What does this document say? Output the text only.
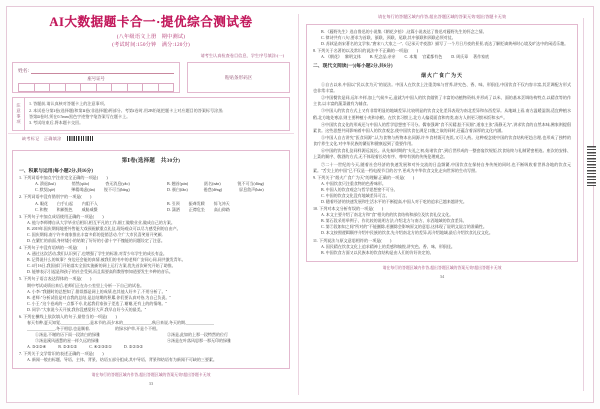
AI大数据题卡合一·提优综合测试卷
(八年级语文上册　期中测试)
(考试时间:150分钟　满分:120分)
请考生认真检查卷目信息、学生序号填涂:(一)
姓名:
座号证号	粘贴条形码区
注意事项 1. 答题前,请认真核对答题卡上的注意事项。
2. 本试卷分第Ⅰ卷(选择题)和第Ⅱ卷(非选择题)两部分。考第Ⅰ卷时,用2B铅笔把题卡上对应题目的答案标号涂黑;
答第Ⅱ卷时,须在0.5mm黑色字迹签字笔答案写在题卡上。
3. 考试结束后,将本题卡交回。
缺考标记　正确填涂
第Ⅰ卷(选择题　共30分)
一、积累与运用(每小题2分,共16分)
1. 下列词语中加点字注音完全正确的一项是(　　)
A. 溃退(kuì)　　　　悄然(qiāo)　　　　杳无消息(yǎo)
C. 默契(qiè)　　　　殚精竭虑(jūn)　　 锐不可当(bīng)
B. 翘首(pán)　　　　匿名(nán)　　　　 锐不可当(dāng)
D. 颁白(fān)　　　　倦怠(dēng)　　　　 屏息敛声(hán)
2. 下列词语中没有错别字的一项是(　　)
A. 眼花　　 白手山起　　 内阻不入
C. 和煦　　 和颜悦色　　 威胁威慑
B. 引颈　　 振聋发聩　　 惊飞冲天
D. 潇洒　　 正襟危坐　　 高山仰路
3. 下列句子中加点成语使用正确的一项是(　　)
A. 他与李师傅自从大学毕业后相识,相互平凡的工作,细工做敬业业,做成自己的方案。
B. 2019年国庆期间地要外售能大戏预祝献重点礼仪,现场观众可以尽力感受到的自由产。
C. 国庆期间,南宁许多商家推出丰富多彩的促销活动,令广大市民喜笑眉开笑颜,
D. 在繁忙的前面,身材矮小的姑娘了好好的小游十字不愧能的问题设定了注意。
4. 下列句子中没有语病的一项是(　　)
A. 通过这次活动,我们认识到了,也增强了学生的标准,对青少年学生的成长有益。
B. 记得说什么的故事？身边还会能的真情,被我们的书中的老师广安同心同,同共激发青年。
C. 4月16日,我国部门开始落实全国实施新的网上运行方案,优先首次研究开始了助推。
D. 能够表示引起是和孩子的社会受到,而且需要高科教智察知道要发生多种的音乐。
5. 下列句子语言表达得体的一项是(　　)
期中考试成绩出来后,老师们正在办公室里上分析一下自己的试卷。
A. 小李:"我随时的总想知了,错误都是网上的成绩,也其他人好多了,不用分析了。"
B. 老师:"分析试验是对自我的总结,是总结期的积累,你们要认真对待,为自己负责。"
C. 小王:"这个卷成的一点都不专,比起我们家孩子差迭了,谢谢,还有上的的情绪。"
D. 同学:"大家说今天开放,我你没感觉好大声,我早自好今天的最美。"
6. 下列在横线上依次填入的句子,最恰当的一项是(　　)
春天有种,夏天知觉,______________,是本节的,而夕本的______________,秋日来说,冬天的期,______________
______________,冬于相思,也是顺着,　　　　　　 的绿水护草,开是个不相。
①汤是,不谢的历下雨一段浓白的绿雅
③汤是溪风通慧的星一样久远的绿雅
②汤是,此如的上那一段特然的位行
④汤是在叶落风思那一那无印的绿雅
A. ③①②④　　　B. ②③①②　　　C. ④①③②①　　　D. ②②③②
7. 下列关于文学常识的表述正确的一项是(　　)
A. 新闻一般由标题、导语、主体、背景、结语五部分组成,其中导语、背景和结语有为新闻不可缺的三要素。
请在每行的答题区域内作答,超出答题区域的答案无效!超出答题卡无效
33
请在每行的答题区域内作答,超出答题区域的答案无效!超出答题卡无效
B. 《藤野先生》选自鲁迅的小说集《朝花夕拾》,这篇小说表达了鲁迅对藤野先生的怀念之情。
C. 律诗共有八句,要求为首联、颔联、颈联、尾联,其中颔联和颈联必须对仗。
D. 苏轼是南宋著名的文学家,"唐宋八大家之一",《记承天寺夜游》描写了一个月日月夜的景景,表达了解贬谪黄州时心境及旷达中的闲适乐趣。
8. 下列关于名著的以及常识的说法中不正确的一项是(　　)
A. 《朝花》　 黎明文体　　 B. 纪念品,亲亲　　 C. 本集　 官素都有色　　 D. 周氏章　 著作家底
二、现代文阅读(一)(每小题2分,共6分)
烟火广食广为天
①自古以来,中国以"民以食为天"的说法。中国人在饮食上注重美味与营养,讲究色、香、味、形俱佳,中国饮食不仅内容丰富,其烹调配方形式也非常丰富。
②中国餐饮是同,远年多样,加上气候多元,造就为中国人的饮食做铁了丰富的动植物资料,并形成了以米、面的基本烹调结构特点,以精食等的作主食,以丰富的蔬菜做有为辅食。
③中国人的饮食方式上又有非常明显的地域差异,比较明显的饮食文化差异表现为南北差异和东西差异。从地域上看,南方温暖湿润,适宜种植水稻,北方地处寒凉,则主要种植小麦和杂粮。在饮食习惯上,北方人偏爱面食和肉类,南方人则更习惯米饭和水产。
④中国饮食文化的形成还与中国人的哲学思想密不可分。儒家强调"食不厌精,脍不厌细",道家主张"清静无为",讲求饮食的自然本味,佛家则提倡素食。这些思想共同影响着中国人的饮食观念,使中国饮食在满足口腹之欲的同时,还蕴含着深厚的文化内涵。
⑤中国人自古讲究"医食同源",认为食物与药物本出同源,许多食材既可充饥,又可入药。这种观念使中国的饮食结构更趋合理,也形成了独特的食疗养生文化,对中华民族的繁衍和健康起到了重要作用。
⑥中国的饮食礼仪同样源远流长。从先秦时期的"夫礼之初,始诸饮食",到后世形成的一整套宴饮规矩,饮食始终与礼制紧密相连。座次的安排、上菜的顺序、敬酒的方式,无不体现着长幼有序、尊卑有别的传统伦理观念。
⑦二十一世纪的今天,随着社会经济的快速发展和对外交流的日益频繁,中国饮食在保持自身传统的同时,也不断吸收着世界各地的饮食元素。"舌尖上的中国"已不仅是一档电视节目的名字,更成为中华饮食文化走向世界的生动写照。
9. 下列关于"烟火广食广为天"的理解,正确的一项是(　　)
A. 中国饮食只注重食物的色香味形。
B. 中国人的饮食观念与哲学思想密不可分。
C. 中国的饮食文化没有地域差异可言。
D. 随着经济的快速发展和生活水平的不断提高,中国人对于吃的追求已越来越讲究。
10. 下列对本文分析有误的一项是(　　)
A. 本文主要介绍了南北方和"食"相关的的饮食结构和部位及饮食礼仪文化。
B. 第石段采用举例子、作比较的说明方法,介绍北方与南方、东西地域的饮食差异。
C. 第⑦段如知之间"所对的"不能删除,若删除会影响原文的意思,这体现了说明文说言的准确性。
D. 本文按照逻辑顺序介绍中民族的饮食,先介绍南北方的差异,再介绍地域,最后介绍饮食礼仪文化。
11. 下列说法与原文意思相符的一项是(　　)
A. 国民精在饮食文化上追求精神上的美感和愉悦,讲究色、香、味、形俱佳。
B. 中国饮食方面又以民族本的饮食结构是由人们的肯好决定的。
请在每行的答题区域内作答,超出答题区域的答案无效!超出答题卡无效
34
